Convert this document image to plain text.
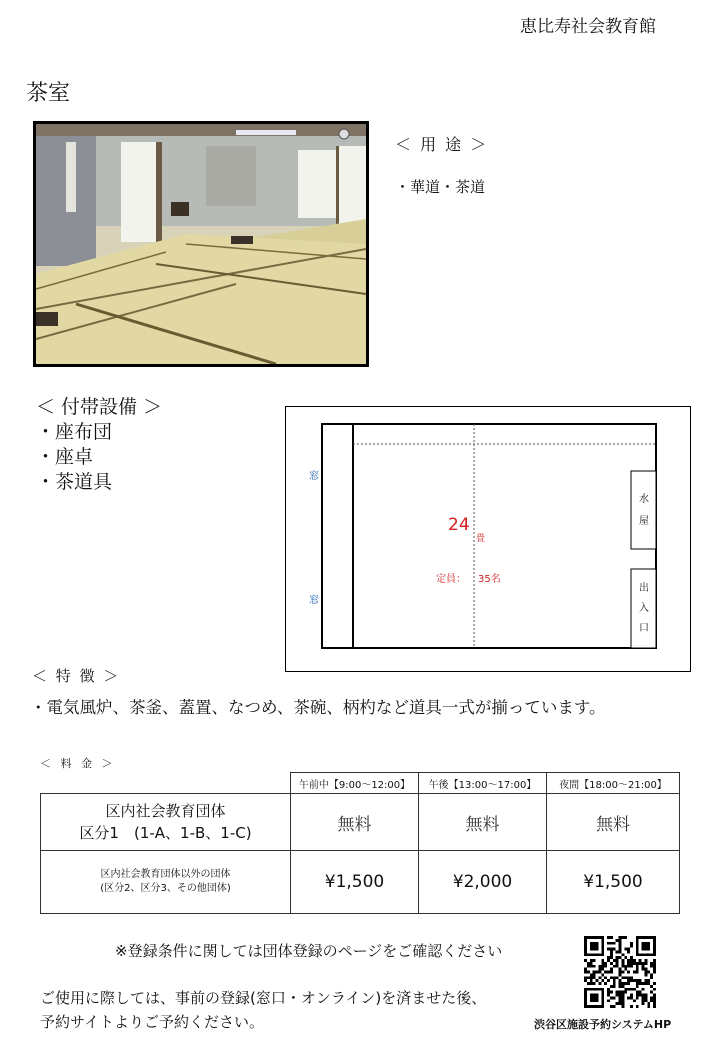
恵比寿社会教育館
茶室
＜ 用 途 ＞
・華道・茶道
＜ 付帯設備 ＞
・座布団
・座卓
・茶道具	窓
窓
24
畳
定員： 35名
水屋
出入口
＜ 特 徴 ＞
・電気風炉、茶釜、蓋置、なつめ、茶碗、柄杓など道具一式が揃っています。
＜ 料 金 ＞
	午前中【9:00～12:00】	午後【13:00～17:00】	夜間【18:00～21:00】

区内社会教育団体
区分1　(1-A、1-B、1-C)	無料	無料	無料

区内社会教育団体以外の団体
(区分2、区分3、その他団体)	¥1,500	¥2,000	¥1,500
※登録条件に関しては団体登録のページをご確認ください
ご使用に際しては、事前の登録(窓口・オンライン)を済ませた後、
予約サイトよりご予約ください。	渋谷区施設予約システムHP
